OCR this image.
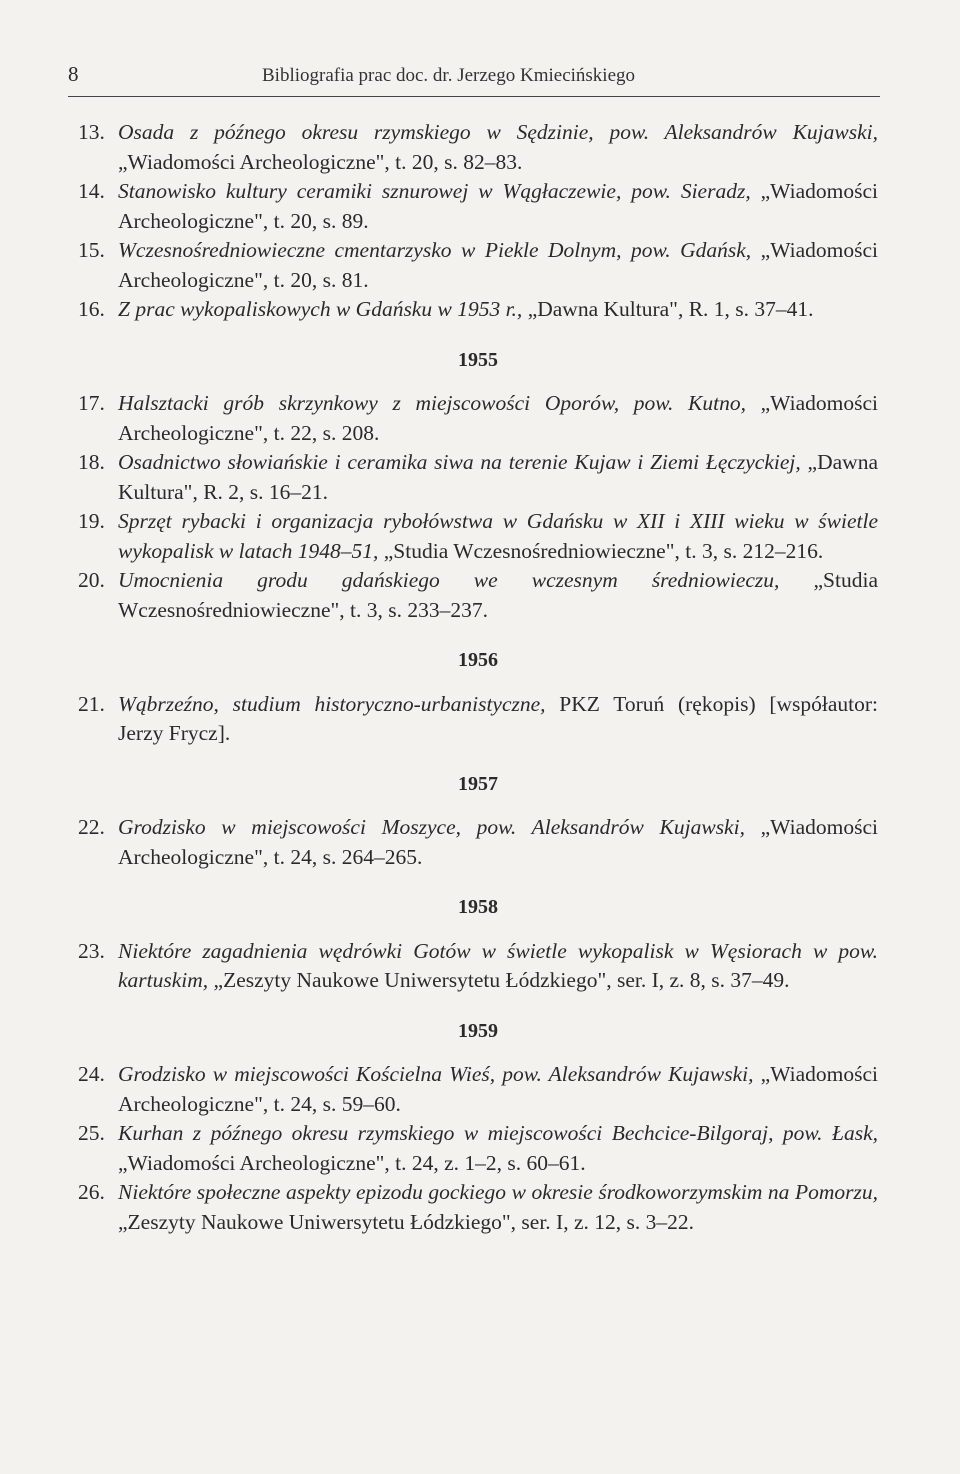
8	Bibliografia prac doc. dr. Jerzego Kmiecińskiego

13. Osada z późnego okresu rzymskiego w Sędzinie, pow. Aleksandrów Kujawski, „Wiadomości Archeologiczne", t. 20, s. 82–83.

14. Stanowisko kultury ceramiki sznurowej w Wągłaczewie, pow. Sieradz, „Wiadomości Archeologiczne", t. 20, s. 89.

15. Wczesnośredniowieczne cmentarzysko w Piekle Dolnym, pow. Gdańsk, „Wiadomości Archeologiczne", t. 20, s. 81.

16. Z prac wykopaliskowych w Gdańsku w 1953 r., „Dawna Kultura", R. 1, s. 37–41.

1955

17. Halsztacki grób skrzynkowy z miejscowości Oporów, pow. Kutno, „Wiadomości Archeologiczne", t. 22, s. 208.

18. Osadnictwo słowiańskie i ceramika siwa na terenie Kujaw i Ziemi Łęczyckiej, „Dawna Kultura", R. 2, s. 16–21.

19. Sprzęt rybacki i organizacja rybołówstwa w Gdańsku w XII i XIII wieku w świetle wykopalisk w latach 1948–51, „Studia Wczesnośredniowieczne", t. 3, s. 212–216.

20. Umocnienia grodu gdańskiego we wczesnym średniowieczu, „Studia Wczesnośredniowieczne", t. 3, s. 233–237.

1956

21. Wąbrzeźno, studium historyczno-urbanistyczne, PKZ Toruń (rękopis) [współautor: Jerzy Frycz].

1957

22. Grodzisko w miejscowości Moszyce, pow. Aleksandrów Kujawski, „Wiadomości Archeologiczne", t. 24, s. 264–265.

1958

23. Niektóre zagadnienia wędrówki Gotów w świetle wykopalisk w Węsiorach w pow. kartuskim, „Zeszyty Naukowe Uniwersytetu Łódzkiego", ser. I, z. 8, s. 37–49.

1959

24. Grodzisko w miejscowości Kościelna Wieś, pow. Aleksandrów Kujawski, „Wiadomości Archeologiczne", t. 24, s. 59–60.

25. Kurhan z późnego okresu rzymskiego w miejscowości Bechcice-Bilgoraj, pow. Łask, „Wiadomości Archeologiczne", t. 24, z. 1–2, s. 60–61.

26. Niektóre społeczne aspekty epizodu gockiego w okresie środkoworzymskim na Pomorzu, „Zeszyty Naukowe Uniwersytetu Łódzkiego", ser. I, z. 12, s. 3–22.
